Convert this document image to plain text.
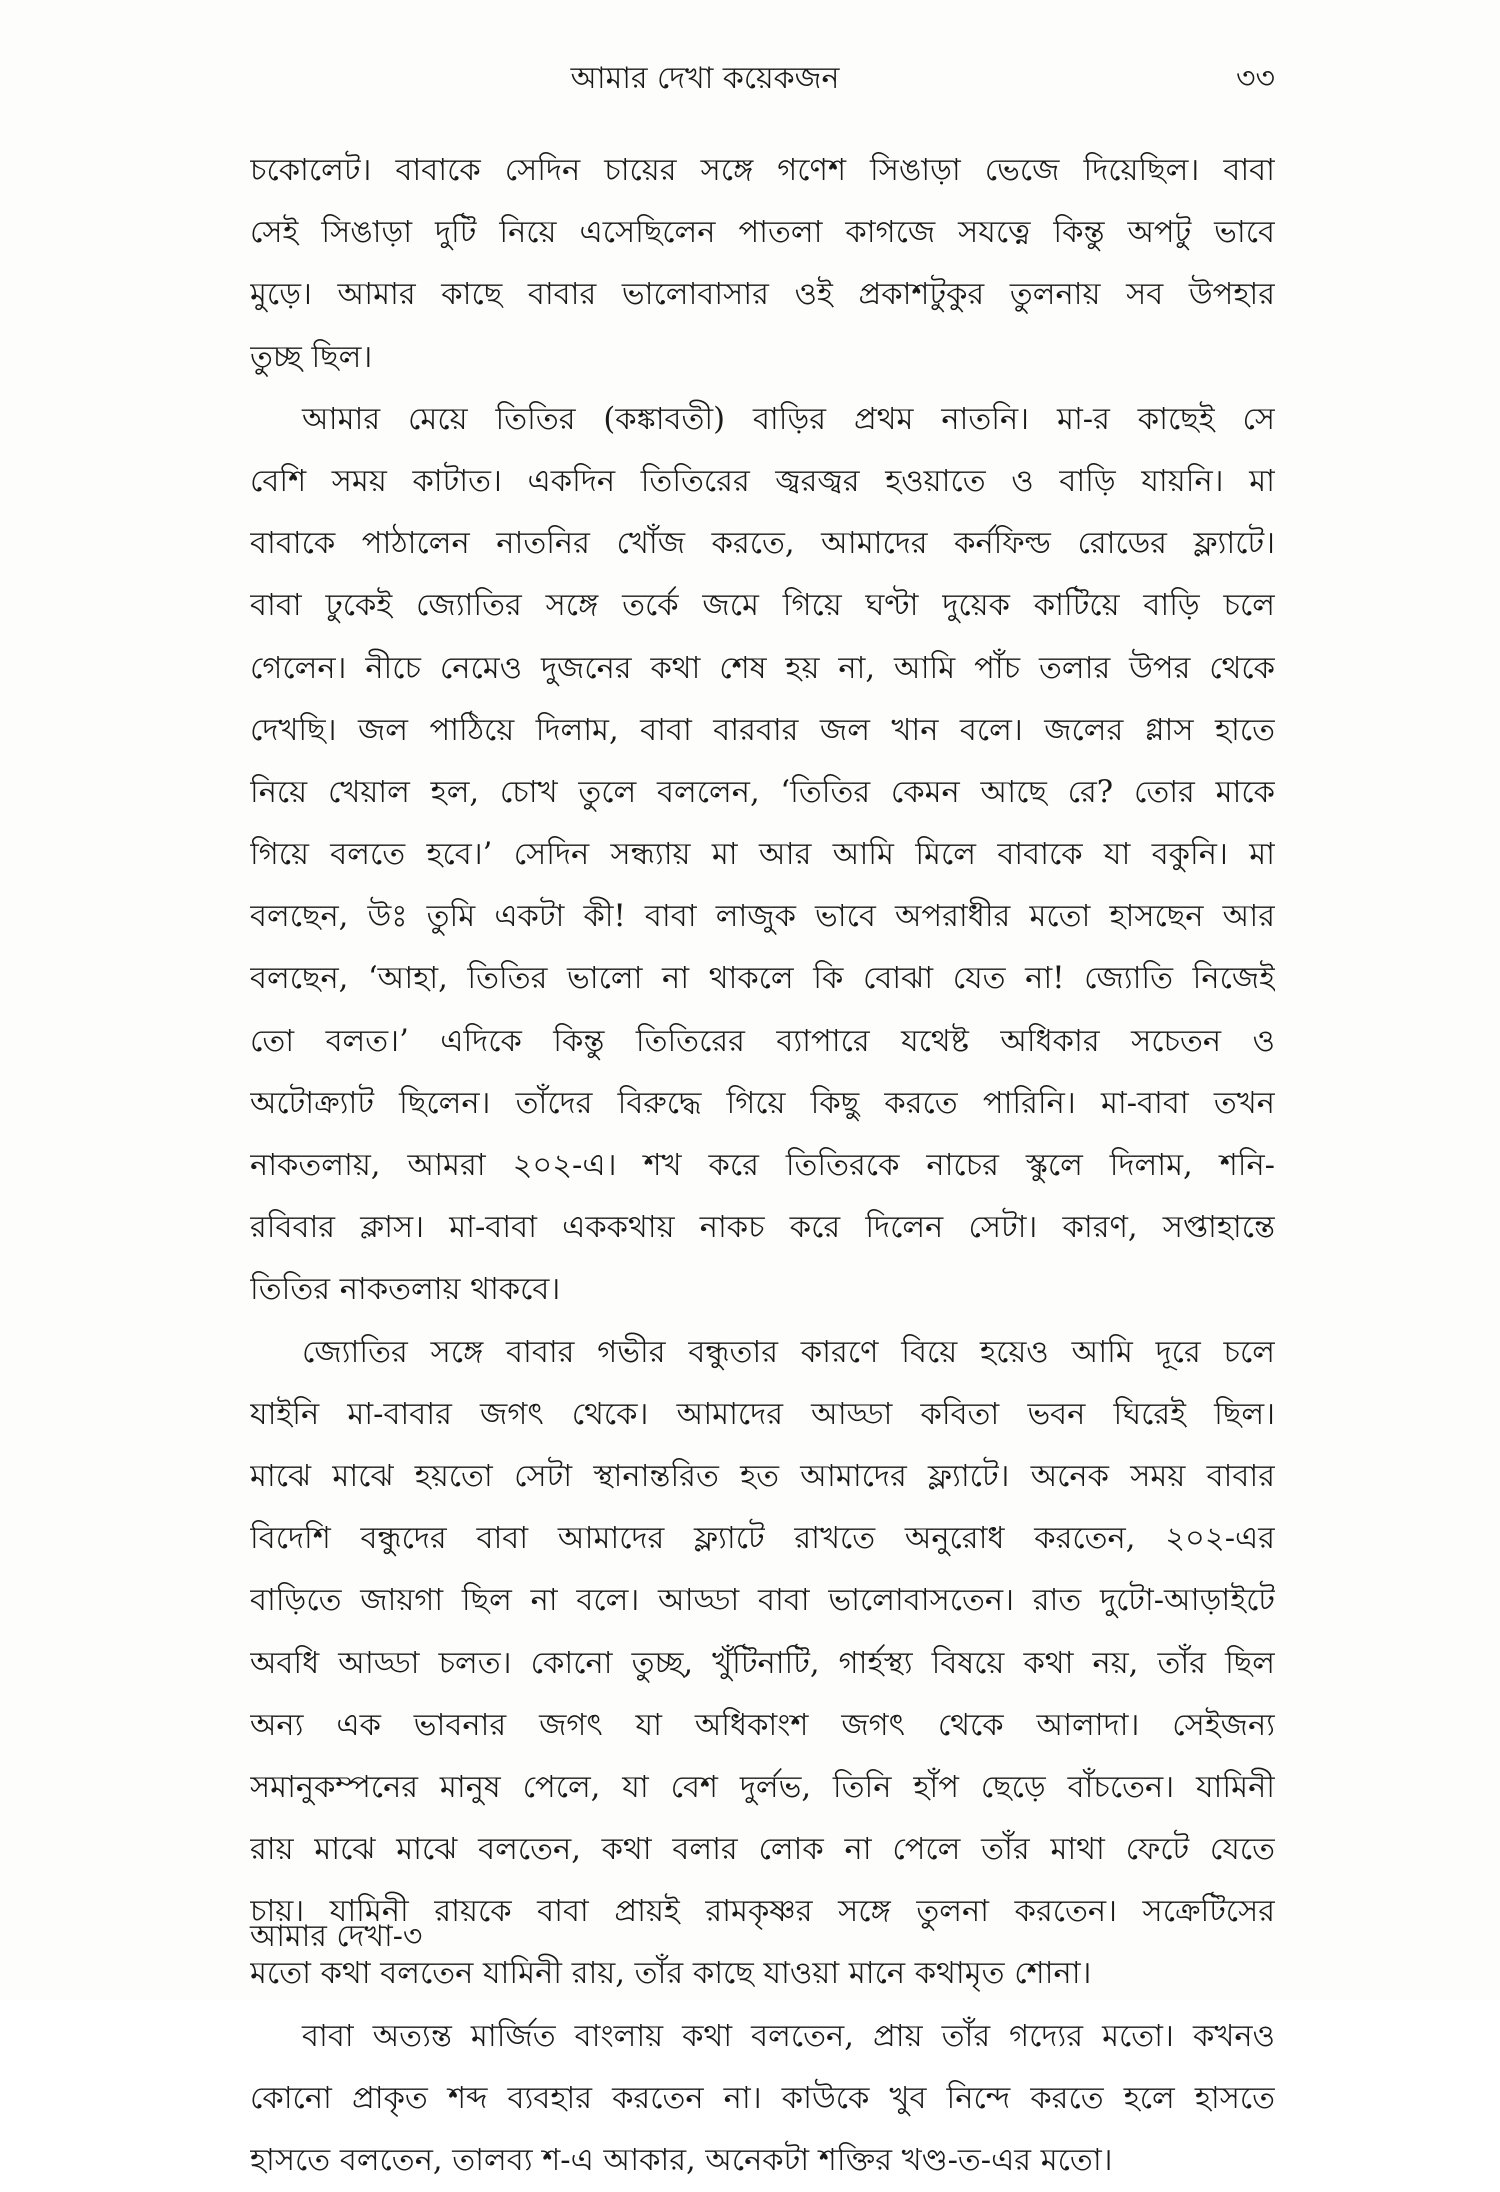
আমার দেখা কয়েকজন	৩৩
চকোলেট। বাবাকে সেদিন চায়ের সঙ্গে গণেশ সিঙাড়া ভেজে দিয়েছিল। বাবা
সেই সিঙাড়া দুটি নিয়ে এসেছিলেন পাতলা কাগজে সযত্নে কিন্তু অপটু ভাবে
মুড়ে। আমার কাছে বাবার ভালোবাসার ওই প্রকাশটুকুর তুলনায় সব উপহার
তুচ্ছ ছিল।
আমার মেয়ে তিতির (কঙ্কাবতী) বাড়ির প্রথম নাতনি। মা-র কাছেই সে
বেশি সময় কাটাত। একদিন তিতিরের জ্বরজ্বর হওয়াতে ও বাড়ি যায়নি। মা
বাবাকে পাঠালেন নাতনির খোঁজ করতে, আমাদের কর্নফিল্ড রোডের ফ্ল্যাটে।
বাবা ঢুকেই জ্যোতির সঙ্গে তর্কে জমে গিয়ে ঘণ্টা দুয়েক কাটিয়ে বাড়ি চলে
গেলেন। নীচে নেমেও দুজনের কথা শেষ হয় না, আমি পাঁচ তলার উপর থেকে
দেখছি। জল পাঠিয়ে দিলাম, বাবা বারবার জল খান বলে। জলের গ্লাস হাতে
নিয়ে খেয়াল হল, চোখ তুলে বললেন, ‘তিতির কেমন আছে রে? তোর মাকে
গিয়ে বলতে হবে।’ সেদিন সন্ধ্যায় মা আর আমি মিলে বাবাকে যা বকুনি। মা
বলছেন, উঃ তুমি একটা কী! বাবা লাজুক ভাবে অপরাধীর মতো হাসছেন আর
বলছেন, ‘আহা, তিতির ভালো না থাকলে কি বোঝা যেত না! জ্যোতি নিজেই
তো বলত।’ এদিকে কিন্তু তিতিরের ব্যাপারে যথেষ্ট অধিকার সচেতন ও
অটোক্র্যাট ছিলেন। তাঁদের বিরুদ্ধে গিয়ে কিছু করতে পারিনি। মা-বাবা তখন
নাকতলায়, আমরা ২০২-এ। শখ করে তিতিরকে নাচের স্কুলে দিলাম, শনি-
রবিবার ক্লাস। মা-বাবা এককথায় নাকচ করে দিলেন সেটা। কারণ, সপ্তাহান্তে
তিতির নাকতলায় থাকবে।
জ্যোতির সঙ্গে বাবার গভীর বন্ধুতার কারণে বিয়ে হয়েও আমি দূরে চলে
যাইনি মা-বাবার জগৎ থেকে। আমাদের আড্ডা কবিতা ভবন ঘিরেই ছিল।
মাঝে মাঝে হয়তো সেটা স্থানান্তরিত হত আমাদের ফ্ল্যাটে। অনেক সময় বাবার
বিদেশি বন্ধুদের বাবা আমাদের ফ্ল্যাটে রাখতে অনুরোধ করতেন, ২০২-এর
বাড়িতে জায়গা ছিল না বলে। আড্ডা বাবা ভালোবাসতেন। রাত দুটো-আড়াইটে
অবধি আড্ডা চলত। কোনো তুচ্ছ, খুঁটিনাটি, গার্হস্থ্য বিষয়ে কথা নয়, তাঁর ছিল
অন্য এক ভাবনার জগৎ যা অধিকাংশ জগৎ থেকে আলাদা। সেইজন্য
সমানুকম্পনের মানুষ পেলে, যা বেশ দুর্লভ, তিনি হাঁপ ছেড়ে বাঁচতেন। যামিনী
রায় মাঝে মাঝে বলতেন, কথা বলার লোক না পেলে তাঁর মাথা ফেটে যেতে
চায়। যামিনী রায়কে বাবা প্রায়ই রামকৃষ্ণর সঙ্গে তুলনা করতেন। সক্রেটিসের
মতো কথা বলতেন যামিনী রায়, তাঁর কাছে যাওয়া মানে কথামৃত শোনা।
বাবা অত্যন্ত মার্জিত বাংলায় কথা বলতেন, প্রায় তাঁর গদ্যের মতো। কখনও
কোনো প্রাকৃত শব্দ ব্যবহার করতেন না। কাউকে খুব নিন্দে করতে হলে হাসতে
হাসতে বলতেন, তালব্য শ-এ আকার, অনেকটা শক্তির খণ্ড-ত-এর মতো।
আমার দেখা-৩
